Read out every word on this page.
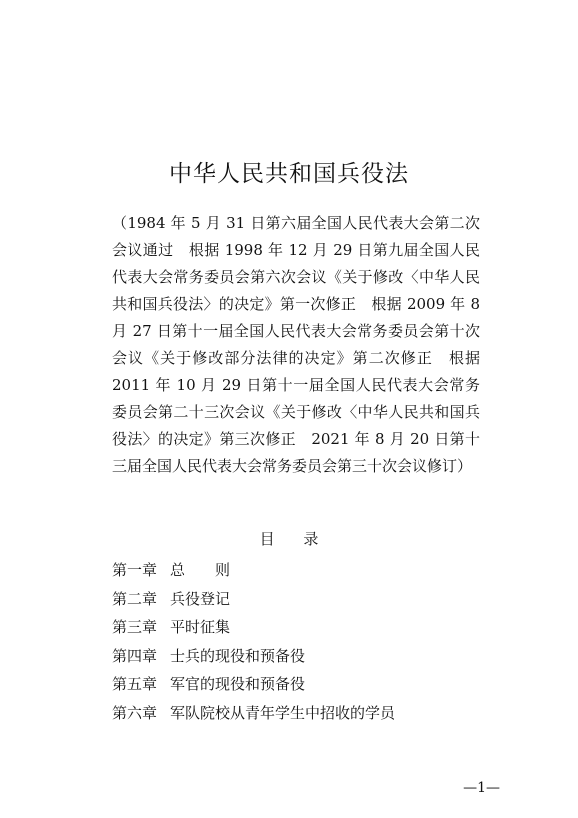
中华人民共和国兵役法
（1984 年 5 月 31 日第六届全国人民代表大会第二次会议通过　根据 1998 年 12 月 29 日第九届全国人民代表大会常务委员会第六次会议《关于修改〈中华人民共和国兵役法〉的决定》第一次修正　根据 2009 年 8 月 27 日第十一届全国人民代表大会常务委员会第十次会议《关于修改部分法律的决定》第二次修正　根据 2011 年 10 月 29 日第十一届全国人民代表大会常务委员会第二十三次会议《关于修改〈中华人民共和国兵役法〉的决定》第三次修正　2021 年 8 月 20 日第十三届全国人民代表大会常务委员会第三十次会议修订）
目 录
第一章 总　　则
第二章 兵役登记
第三章 平时征集
第四章 士兵的现役和预备役
第五章 军官的现役和预备役
第六章 军队院校从青年学生中招收的学员
—1—
